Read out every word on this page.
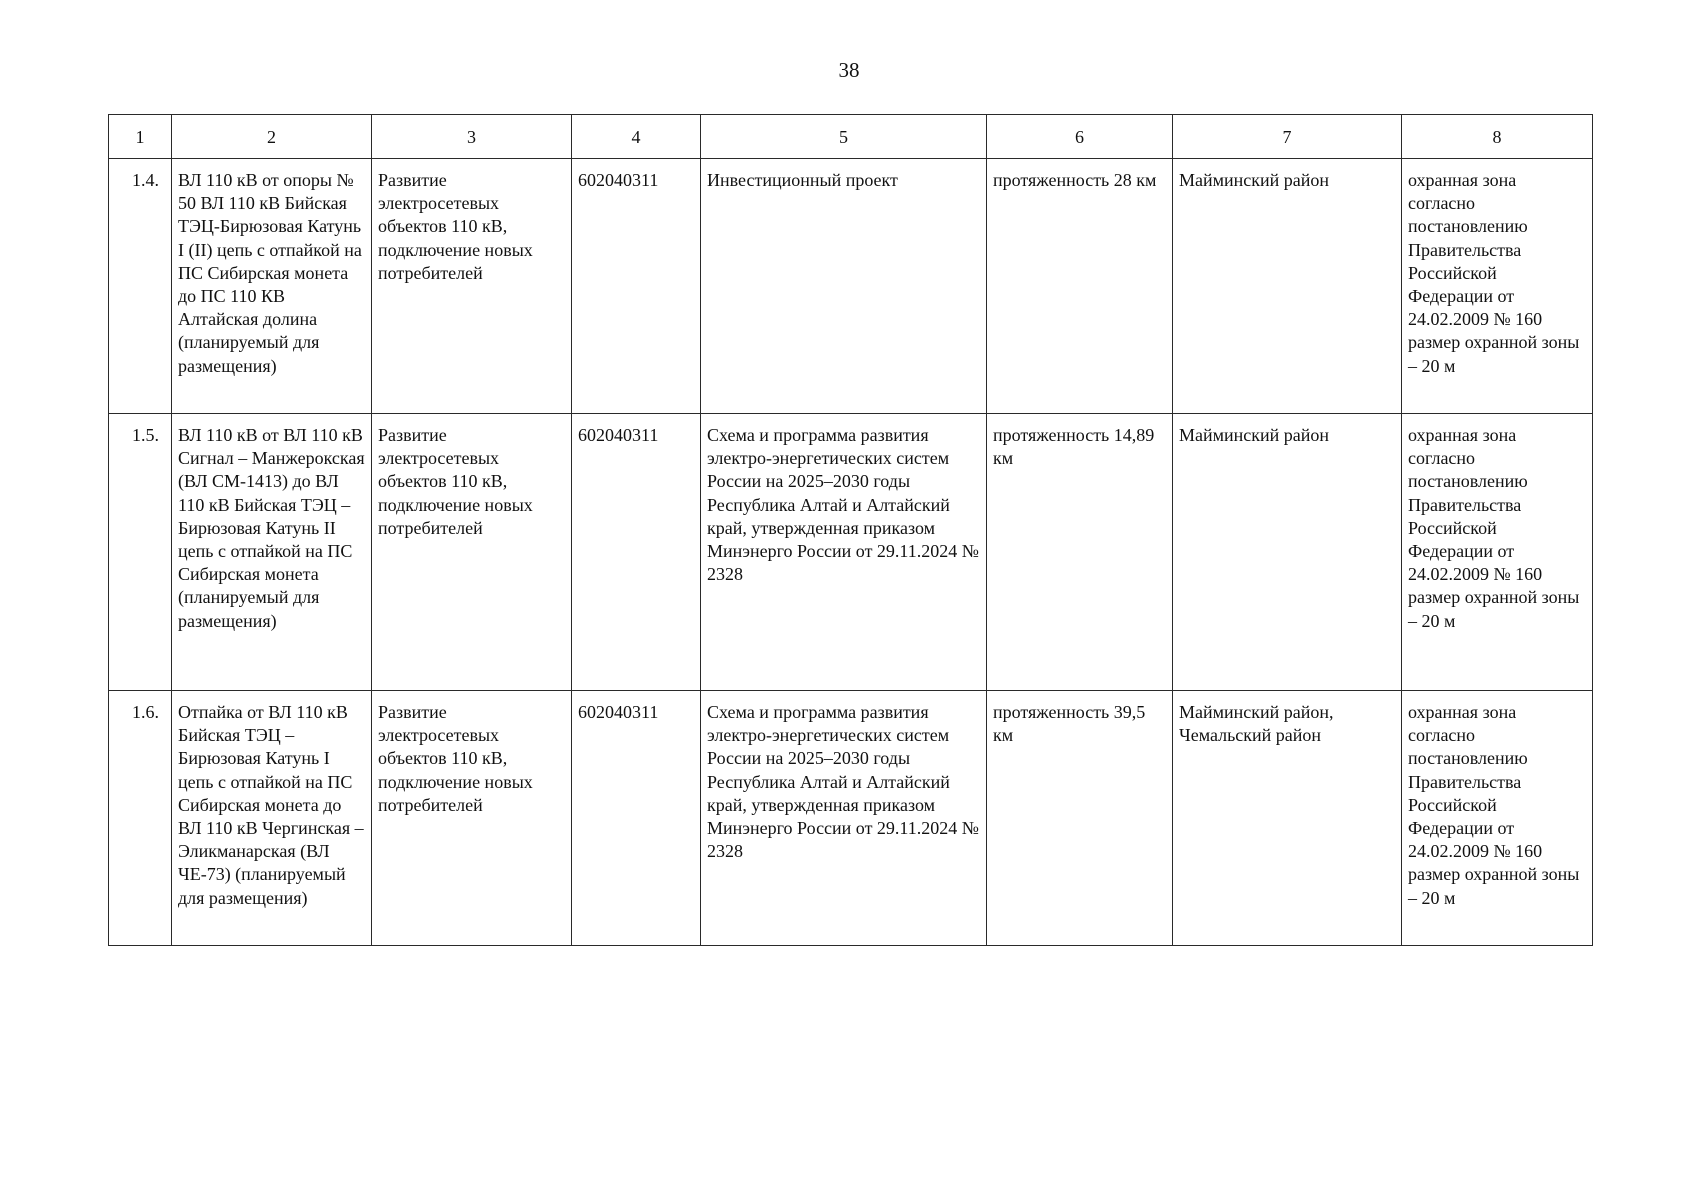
38
1	2	3	4	5	6	7	8
1.4.	ВЛ 110 кВ от опоры № 50 ВЛ 110 кВ Бийская ТЭЦ-Бирюзовая Катунь I (II) цепь с отпайкой на ПС Сибирская монета до ПС 110 КВ Алтайская долина (планируемый для размещения)	Развитие электросетевых объектов 110 кВ, подключение новых потребителей	602040311	Инвестиционный проект	протяженность 28 км	Майминский район	охранная зона согласно постановлению Правительства Российской Федерации от 24.02.2009 № 160 размер охранной зоны – 20 м
1.5.	ВЛ 110 кВ от ВЛ 110 кВ Сигнал – Манжерокская (ВЛ СМ-1413) до ВЛ 110 кВ Бийская ТЭЦ – Бирюзовая Катунь II цепь с отпайкой на ПС Сибирская монета (планируемый для размещения)	Развитие электросетевых объектов 110 кВ, подключение новых потребителей	602040311	Схема и программа развития электро-энергетических систем России на 2025–2030 годы Республика Алтай и Алтайский край, утвержденная приказом Минэнерго России от 29.11.2024 № 2328	протяженность 14,89 км	Майминский район	охранная зона согласно постановлению Правительства Российской Федерации от 24.02.2009 № 160 размер охранной зоны – 20 м
1.6.	Отпайка от ВЛ 110 кВ Бийская ТЭЦ – Бирюзовая Катунь I цепь с отпайкой на ПС Сибирская монета до ВЛ 110 кВ Чергинская – Эликманарская (ВЛ ЧЕ-73) (планируемый для размещения)	Развитие электросетевых объектов 110 кВ, подключение новых потребителей	602040311	Схема и программа развития электро-энергетических систем России на 2025–2030 годы Республика Алтай и Алтайский край, утвержденная приказом Минэнерго России от 29.11.2024 № 2328	протяженность 39,5 км	Майминский район, Чемальский район	охранная зона согласно постановлению Правительства Российской Федерации от 24.02.2009 № 160 размер охранной зоны – 20 м
